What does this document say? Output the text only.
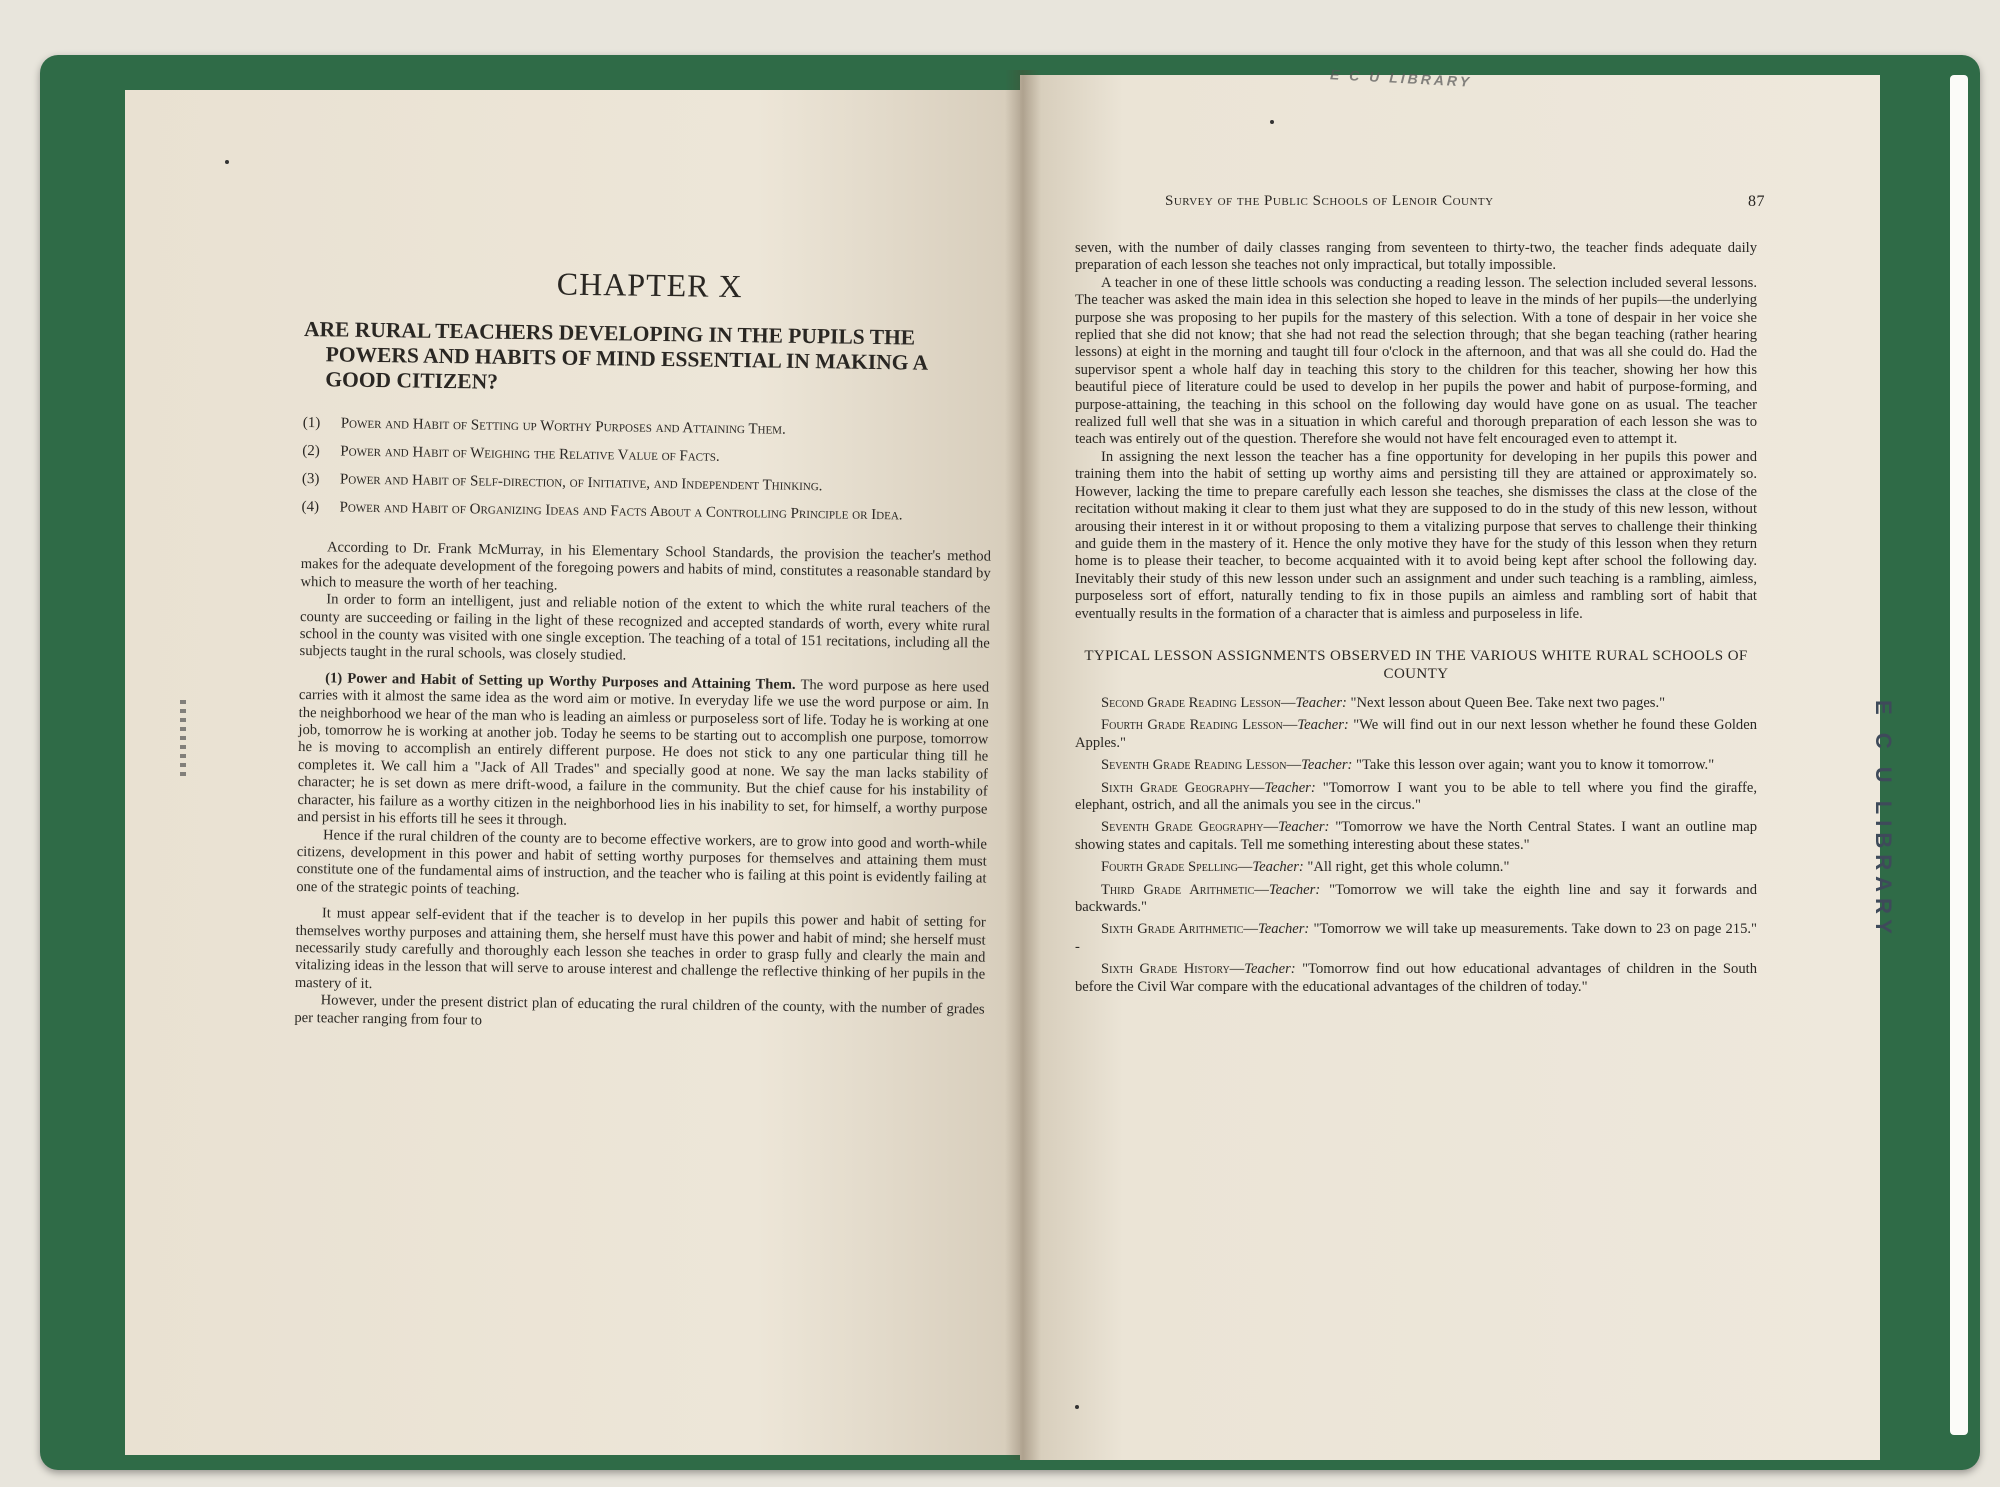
E C U LIBRARY
E C U LIBRARY
CHAPTER X
ARE RURAL TEACHERS DEVELOPING IN THE PUPILS THE POWERS AND HABITS OF MIND ESSENTIAL IN MAKING A GOOD CITIZEN?
(1) Power and Habit of Setting up Worthy Purposes and Attaining Them.
(2) Power and Habit of Weighing the Relative Value of Facts.
(3) Power and Habit of Self-direction, of Initiative, and Independent Thinking.
(4) Power and Habit of Organizing Ideas and Facts About a Controlling Principle or Idea.

According to Dr. Frank McMurray, in his Elementary School Standards, the provision the teacher's method makes for the adequate development of the foregoing powers and habits of mind, constitutes a reasonable standard by which to measure the worth of her teaching.

In order to form an intelligent, just and reliable notion of the extent to which the white rural teachers of the county are succeeding or failing in the light of these recognized and accepted standards of worth, every white rural school in the county was visited with one single exception. The teaching of a total of 151 recitations, including all the subjects taught in the rural schools, was closely studied.

(1) Power and Habit of Setting up Worthy Purposes and Attaining Them. The word purpose as here used carries with it almost the same idea as the word aim or motive. In everyday life we use the word purpose or aim. In the neighborhood we hear of the man who is leading an aimless or purposeless sort of life. Today he is working at one job, tomorrow he is working at another job. Today he seems to be starting out to accomplish one purpose, tomorrow he is moving to accomplish an entirely different purpose. He does not stick to any one particular thing till he completes it. We call him a "Jack of All Trades" and specially good at none. We say the man lacks stability of character; he is set down as mere drift-wood, a failure in the community. But the chief cause for his instability of character, his failure as a worthy citizen in the neighborhood lies in his inability to set, for himself, a worthy purpose and persist in his efforts till he sees it through.

Hence if the rural children of the county are to become effective workers, are to grow into good and worth-while citizens, development in this power and habit of setting worthy purposes for themselves and attaining them must constitute one of the fundamental aims of instruction, and the teacher who is failing at this point is evidently failing at one of the strategic points of teaching.

It must appear self-evident that if the teacher is to develop in her pupils this power and habit of setting for themselves worthy purposes and attaining them, she herself must have this power and habit of mind; she herself must necessarily study carefully and thoroughly each lesson she teaches in order to grasp fully and clearly the main and vitalizing ideas in the lesson that will serve to arouse interest and challenge the reflective thinking of her pupils in the mastery of it.

However, under the present district plan of educating the rural children of the county, with the number of grades per teacher ranging from four to

Survey of the Public Schools of Lenoir County	87

seven, with the number of daily classes ranging from seventeen to thirty-two, the teacher finds adequate daily preparation of each lesson she teaches not only impractical, but totally impossible.

A teacher in one of these little schools was conducting a reading lesson. The selection included several lessons. The teacher was asked the main idea in this selection she hoped to leave in the minds of her pupils—the underlying purpose she was proposing to her pupils for the mastery of this selection. With a tone of despair in her voice she replied that she did not know; that she had not read the selection through; that she began teaching (rather hearing lessons) at eight in the morning and taught till four o'clock in the afternoon, and that was all she could do. Had the supervisor spent a whole half day in teaching this story to the children for this teacher, showing her how this beautiful piece of literature could be used to develop in her pupils the power and habit of purpose-forming, and purpose-attaining, the teaching in this school on the following day would have gone on as usual. The teacher realized full well that she was in a situation in which careful and thorough preparation of each lesson she was to teach was entirely out of the question. Therefore she would not have felt encouraged even to attempt it.

In assigning the next lesson the teacher has a fine opportunity for developing in her pupils this power and training them into the habit of setting up worthy aims and persisting till they are attained or approximately so. However, lacking the time to prepare carefully each lesson she teaches, she dismisses the class at the close of the recitation without making it clear to them just what they are supposed to do in the study of this new lesson, without arousing their interest in it or without proposing to them a vitalizing purpose that serves to challenge their thinking and guide them in the mastery of it. Hence the only motive they have for the study of this lesson when they return home is to please their teacher, to become acquainted with it to avoid being kept after school the following day. Inevitably their study of this new lesson under such an assignment and under such teaching is a rambling, aimless, purposeless sort of effort, naturally tending to fix in those pupils an aimless and rambling sort of habit that eventually results in the formation of a character that is aimless and purposeless in life.

TYPICAL LESSON ASSIGNMENTS OBSERVED IN THE VARIOUS WHITE RURAL SCHOOLS OF COUNTY

Second Grade Reading Lesson—Teacher: "Next lesson about Queen Bee. Take next two pages."

Fourth Grade Reading Lesson—Teacher: "We will find out in our next lesson whether he found these Golden Apples."

Seventh Grade Reading Lesson—Teacher: "Take this lesson over again; want you to know it tomorrow."

Sixth Grade Geography—Teacher: "Tomorrow I want you to be able to tell where you find the giraffe, elephant, ostrich, and all the animals you see in the circus."

Seventh Grade Geography—Teacher: "Tomorrow we have the North Central States. I want an outline map showing states and capitals. Tell me something interesting about these states."

Fourth Grade Spelling—Teacher: "All right, get this whole column."

Third Grade Arithmetic—Teacher: "Tomorrow we will take the eighth line and say it forwards and backwards."

Sixth Grade Arithmetic—Teacher: "Tomorrow we will take up measurements. Take down to 23 on page 215." -

Sixth Grade History—Teacher: "Tomorrow find out how educational advantages of children in the South before the Civil War compare with the educational advantages of the children of today."
